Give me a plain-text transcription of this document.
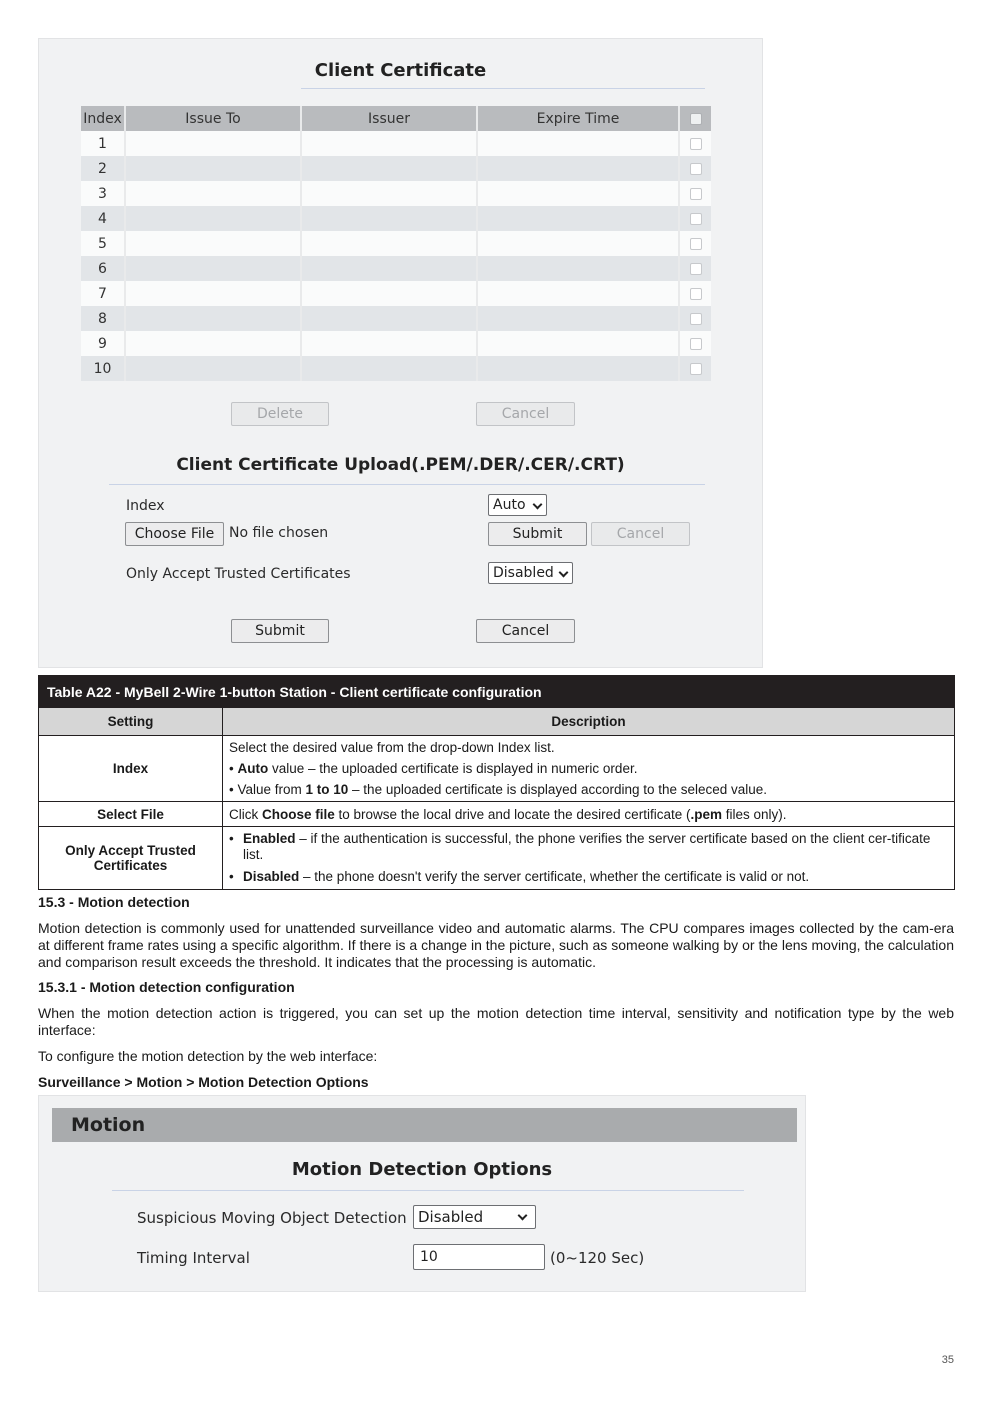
Client Certificate
Index	Issue To	Issuer	Expire Time	
1				
2				
3				
4				
5				
6				
7				
8				
9				
10				
Delete	Cancel
Client Certificate Upload(.PEM/.DER/.CER/.CRT)
Index	Auto
Choose File	No file chosen	Submit	Cancel
Only Accept Trusted Certificates	Disabled
Submit	Cancel
Table A22 - MyBell 2-Wire 1-button Station - Client certificate configuration	
Setting	Description
Index	Select the desired value from the drop-down Index list.
• Auto value – the uploaded certificate is displayed in numeric order.
• Value from 1 to 10 – the uploaded certificate is displayed according to the seleced value.

Select File	Click Choose file to browse the local drive and locate the desired certificate (.pem files only).
Only Accept Trusted Certificates	• Enabled – if the authentication is successful, the phone verifies the server certificate based on the client cer-tificate list.
• Disabled – the phone doesn't verify the server certificate, whether the certificate is valid or not.
15.3 - Motion detection
Motion detection is commonly used for unattended surveillance video and automatic alarms. The CPU compares images collected by the cam-era at different frame rates using a specific algorithm. If there is a change in the picture, such as someone walking by or the lens moving, the calculation and comparison result exceeds the threshold. It indicates that the processing is automatic.
15.3.1 - Motion detection configuration
When the motion detection action is triggered, you can set up the motion detection time interval, sensitivity and notification type by the web interface:
To configure the motion detection by the web interface:
Surveillance > Motion > Motion Detection Options
Motion
Motion Detection Options
Suspicious Moving Object Detection Disabled
Timing Interval	10	(0~120 Sec)
35
